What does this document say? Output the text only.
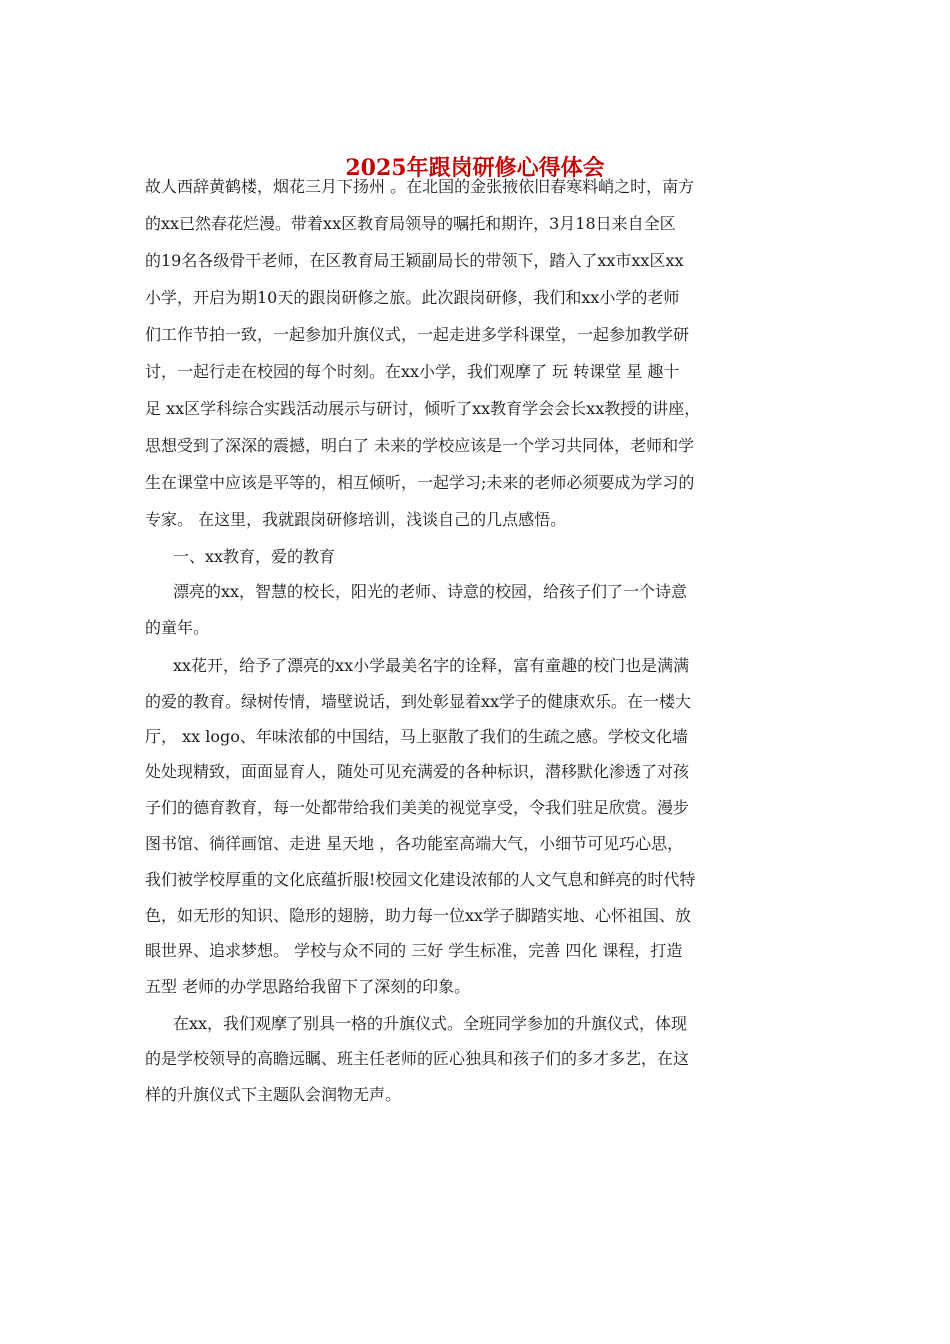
2025年跟岗研修心得体会
故人西辞黄鹤楼，烟花三月下扬州 。在北国的金张掖依旧春寒料峭之时，南方
的xx已然春花烂漫。带着xx区教育局领导的嘱托和期许，3月18日来自全区
的19名各级骨干老师，在区教育局王颖副局长的带领下，踏入了xx市xx区xx
小学，开启为期10天的跟岗研修之旅。此次跟岗研修，我们和xx小学的老师
们工作节拍一致，一起参加升旗仪式，一起走进多学科课堂，一起参加教学研
讨，一起行走在校园的每个时刻。在xx小学，我们观摩了 玩 转课堂 星 趣十
足 xx区学科综合实践活动展示与研讨，倾听了xx教育学会会长xx教授的讲座，
思想受到了深深的震撼，明白了 未来的学校应该是一个学习共同体，老师和学
生在课堂中应该是平等的，相互倾听，一起学习;未来的老师必须要成为学习的
专家。 在这里，我就跟岗研修培训，浅谈自己的几点感悟。
一、xx教育，爱的教育
漂亮的xx，智慧的校长，阳光的老师、诗意的校园，给孩子们了一个诗意
的童年。
xx花开，给予了漂亮的xx小学最美名字的诠释，富有童趣的校门也是满满
的爱的教育。绿树传情，墙壁说话，到处彰显着xx学子的健康欢乐。在一楼大
厅， xx logo、年味浓郁的中国结，马上驱散了我们的生疏之感。学校文化墙
处处现精致，面面显育人，随处可见充满爱的各种标识，潜移默化渗透了对孩
子们的德育教育，每一处都带给我们美美的视觉享受，令我们驻足欣赏。漫步
图书馆、徜徉画馆、走进 星天地 ，各功能室高端大气，小细节可见巧心思，
我们被学校厚重的文化底蕴折服!校园文化建设浓郁的人文气息和鲜亮的时代特
色，如无形的知识、隐形的翅膀，助力每一位xx学子脚踏实地、心怀祖国、放
眼世界、追求梦想。 学校与众不同的 三好 学生标准，完善 四化 课程，打造
五型 老师的办学思路给我留下了深刻的印象。
在xx，我们观摩了别具一格的升旗仪式。全班同学参加的升旗仪式，体现
的是学校领导的高瞻远瞩、班主任老师的匠心独具和孩子们的多才多艺，在这
样的升旗仪式下主题队会润物无声。
